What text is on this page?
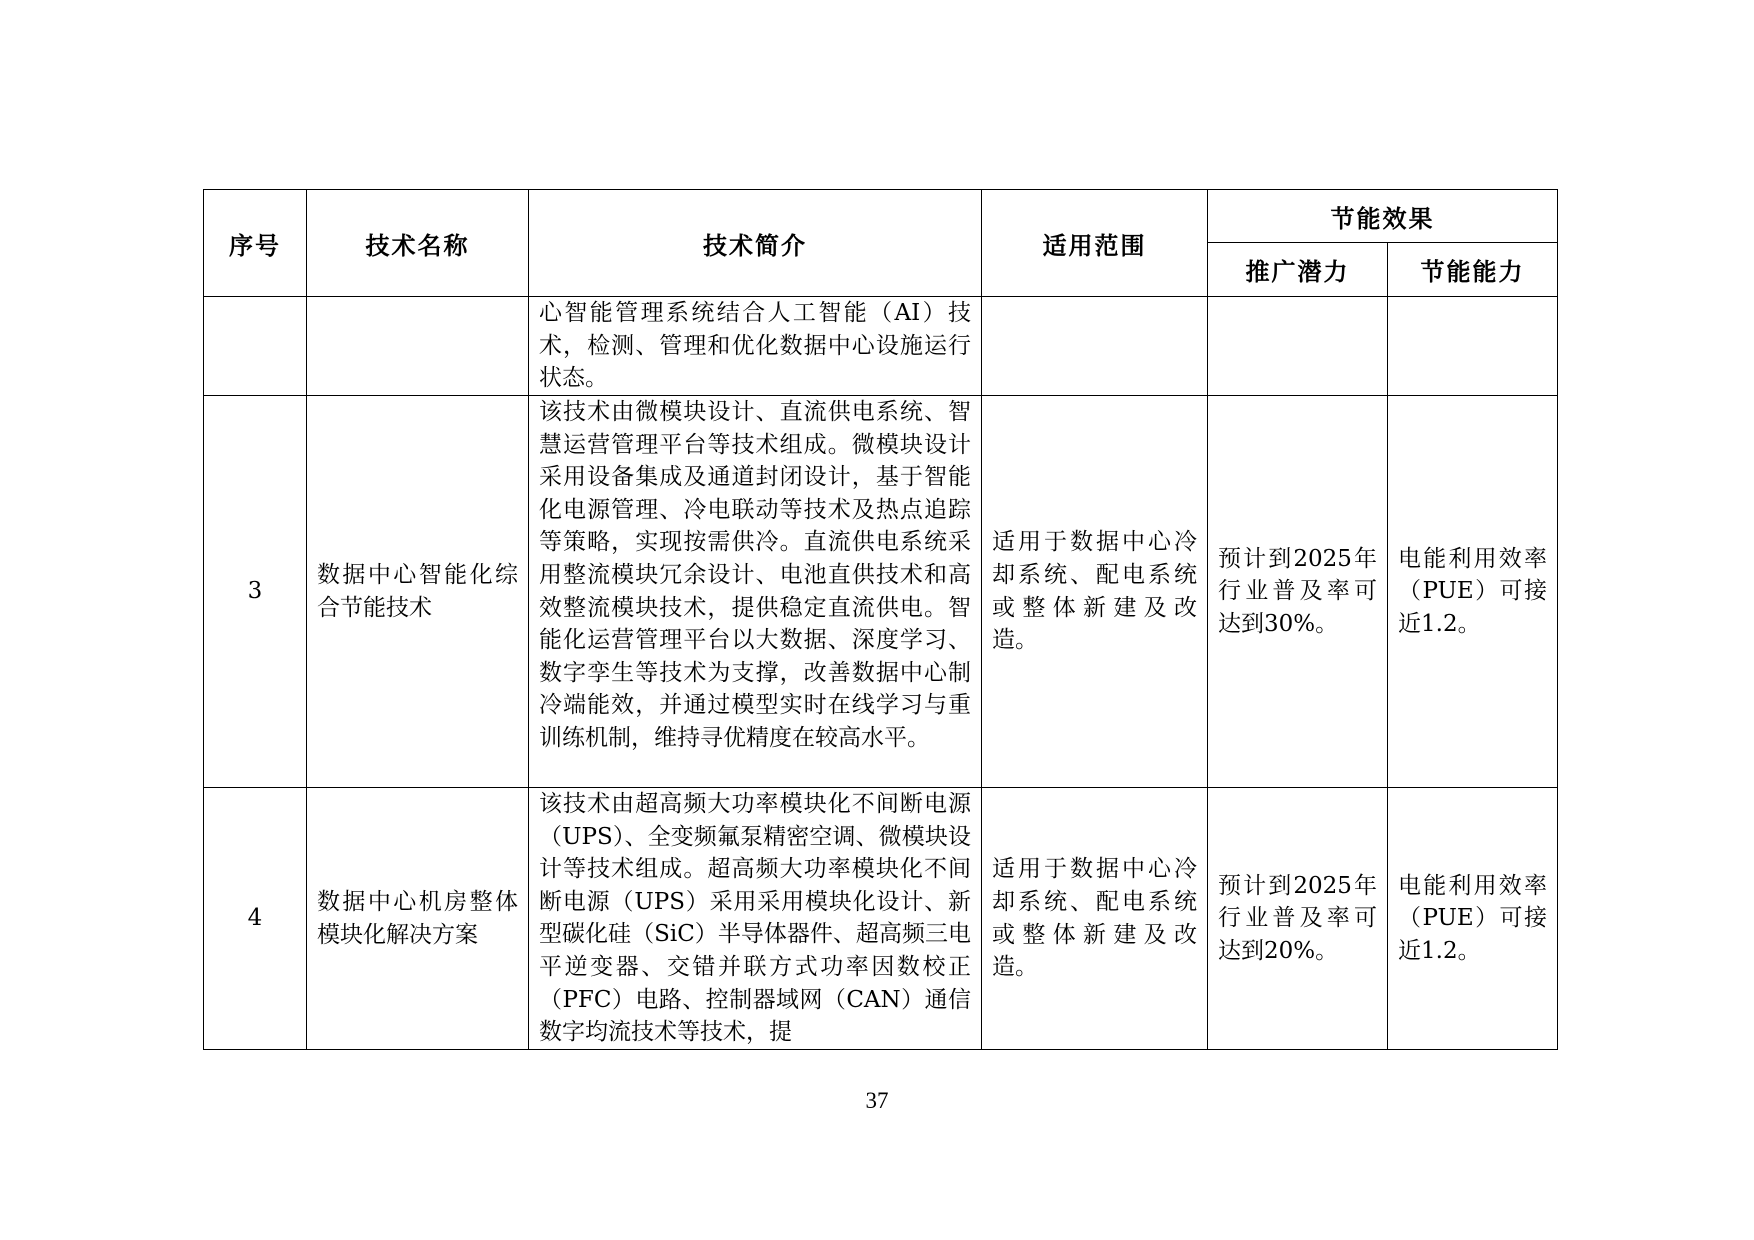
序号	技术名称	技术简介	适用范围	节能效果	
				推广潜力	节能能力
		心智能管理系统结合人工智能（AI）技术，检测、管理和优化数据中心设施运行状态。			
3	数据中心智能化综合节能技术	该技术由微模块设计、直流供电系统、智慧运营管理平台等技术组成。微模块设计采用设备集成及通道封闭设计，基于智能化电源管理、冷电联动等技术及热点追踪等策略，实现按需供冷。直流供电系统采用整流模块冗余设计、电池直供技术和高效整流模块技术，提供稳定直流供电。智能化运营管理平台以大数据、深度学习、数字孪生等技术为支撑，改善数据中心制冷端能效，并通过模型实时在线学习与重训练机制，维持寻优精度在较高水平。	适用于数据中心冷却系统、配电系统或整体新建及改造。	预计到2025年行业普及率可达到30%。	电能利用效率（PUE）可接近1.2。
4	数据中心机房整体模块化解决方案	该技术由超高频大功率模块化不间断电源（UPS）、全变频氟泵精密空调、微模块设计等技术组成。超高频大功率模块化不间断电源（UPS）采用采用模块化设计、新型碳化硅（SiC）半导体器件、超高频三电平逆变器、交错并联方式功率因数校正（PFC）电路、控制器域网（CAN）通信数字均流技术等技术，提	适用于数据中心冷却系统、配电系统或整体新建及改造。	预计到2025年行业普及率可达到20%。	电能利用效率（PUE）可接近1.2。
37
